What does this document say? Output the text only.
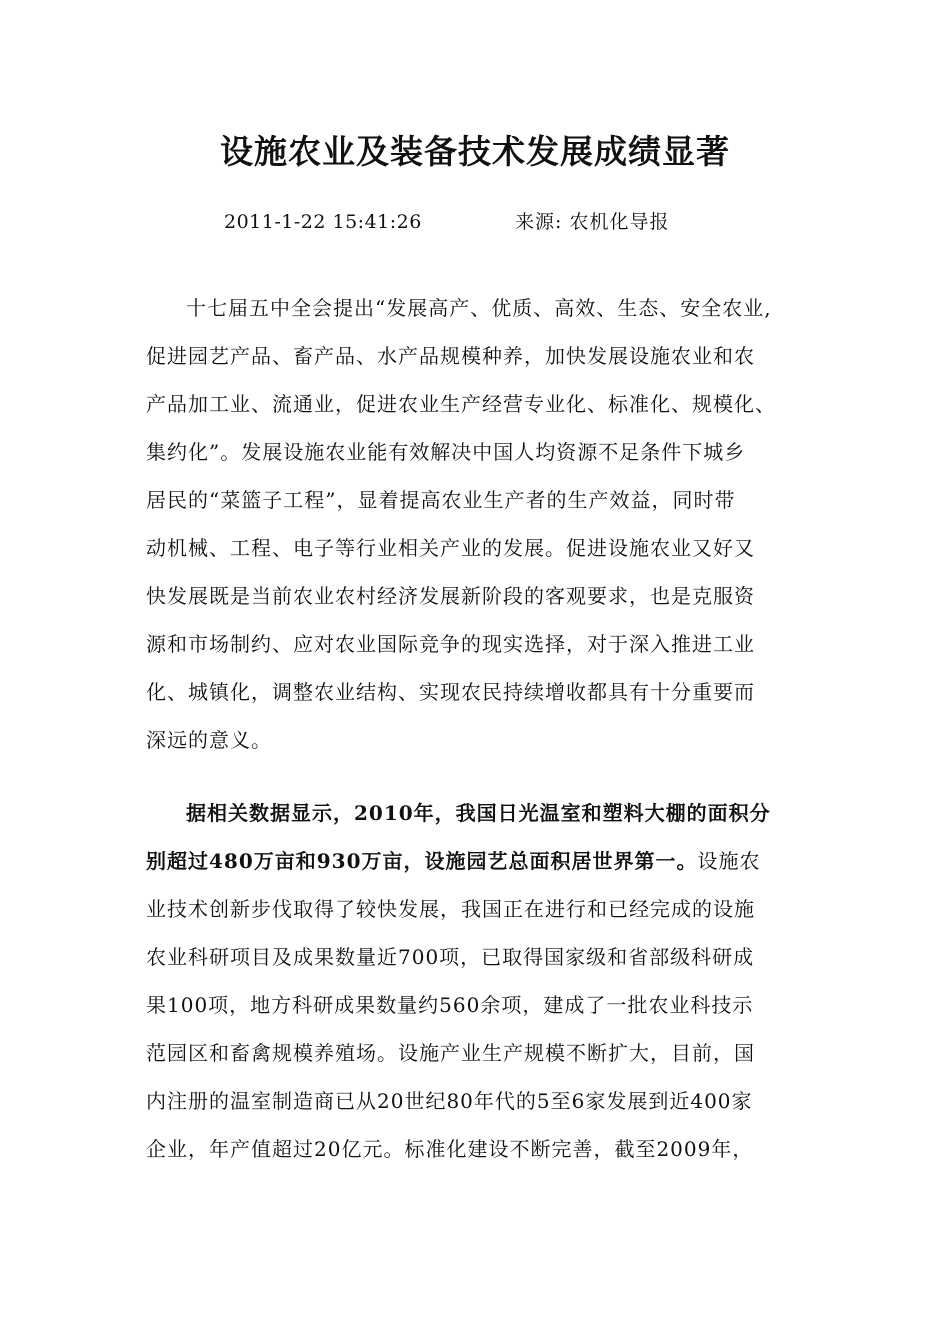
设施农业及装备技术发展成绩显著
2011-1-22 15:41:26	来源: 农机化导报
十七届五中全会提出“发展高产、优质、高效、生态、安全农业,
促进园艺产品、畜产品、水产品规模种养，加快发展设施农业和农
产品加工业、流通业，促进农业生产经营专业化、标准化、规模化、
集约化”。发展设施农业能有效解决中国人均资源不足条件下城乡
居民的“菜篮子工程”，显着提高农业生产者的生产效益，同时带
动机械、工程、电子等行业相关产业的发展。促进设施农业又好又
快发展既是当前农业农村经济发展新阶段的客观要求，也是克服资
源和市场制约、应对农业国际竞争的现实选择，对于深入推进工业
化、城镇化，调整农业结构、实现农民持续增收都具有十分重要而
深远的意义。
据相关数据显示，2010年，我国日光温室和塑料大棚的面积分
别超过480万亩和930万亩，设施园艺总面积居世界第一。设施农
业技术创新步伐取得了较快发展，我国正在进行和已经完成的设施
农业科研项目及成果数量近700项，已取得国家级和省部级科研成
果100项，地方科研成果数量约560余项，建成了一批农业科技示
范园区和畜禽规模养殖场。设施产业生产规模不断扩大，目前，国
内注册的温室制造商已从20世纪80年代的5至6家发展到近400家
企业，年产值超过20亿元。标准化建设不断完善，截至2009年，
